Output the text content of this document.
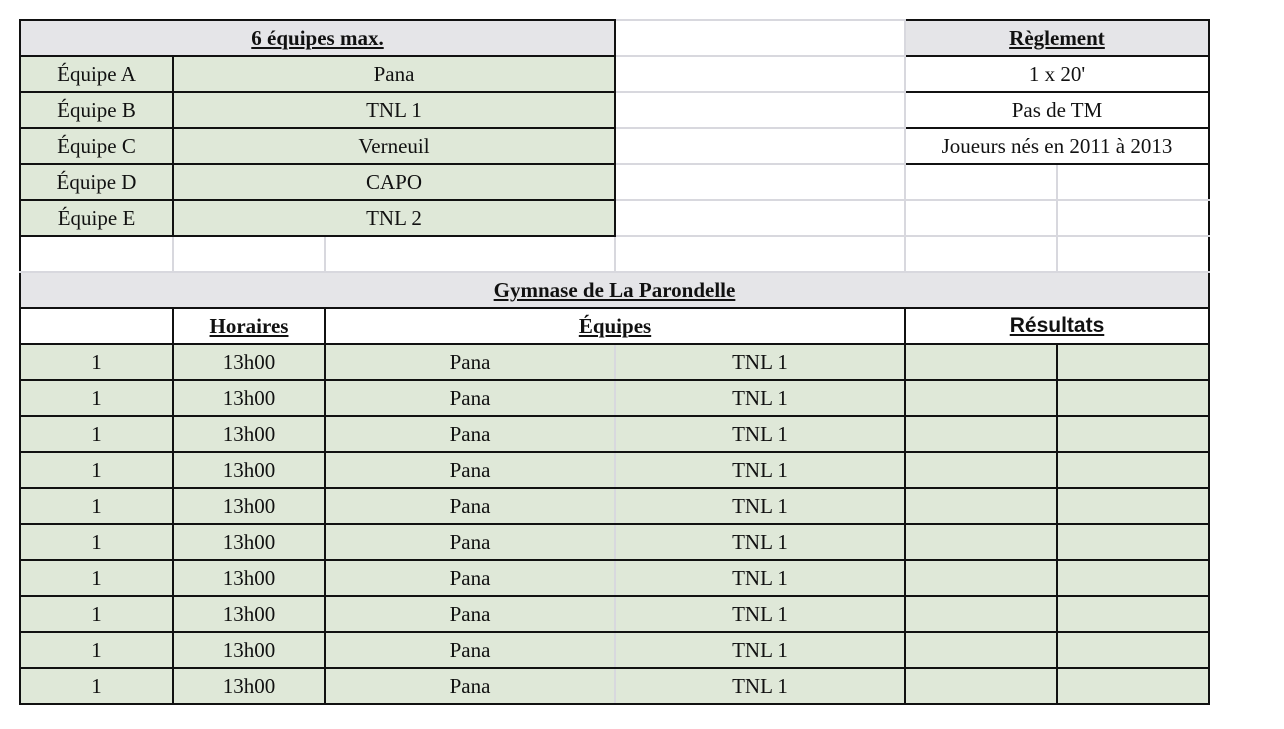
6 équipes max.				Règlement	
Équipe A	Pana			1 x 20'	
Équipe B	TNL 1			Pas de TM	
Équipe C	Verneuil			Joueurs nés en 2011 à 2013	
Équipe D	CAPO				
Équipe E	TNL 2				

Gymnase de La Parondelle					
	Horaires	Équipes		Résultats	
1	13h00	Pana	TNL 1		
1	13h00	Pana	TNL 1		
1	13h00	Pana	TNL 1		
1	13h00	Pana	TNL 1		
1	13h00	Pana	TNL 1		
1	13h00	Pana	TNL 1		
1	13h00	Pana	TNL 1		
1	13h00	Pana	TNL 1		
1	13h00	Pana	TNL 1		
1	13h00	Pana	TNL 1		
